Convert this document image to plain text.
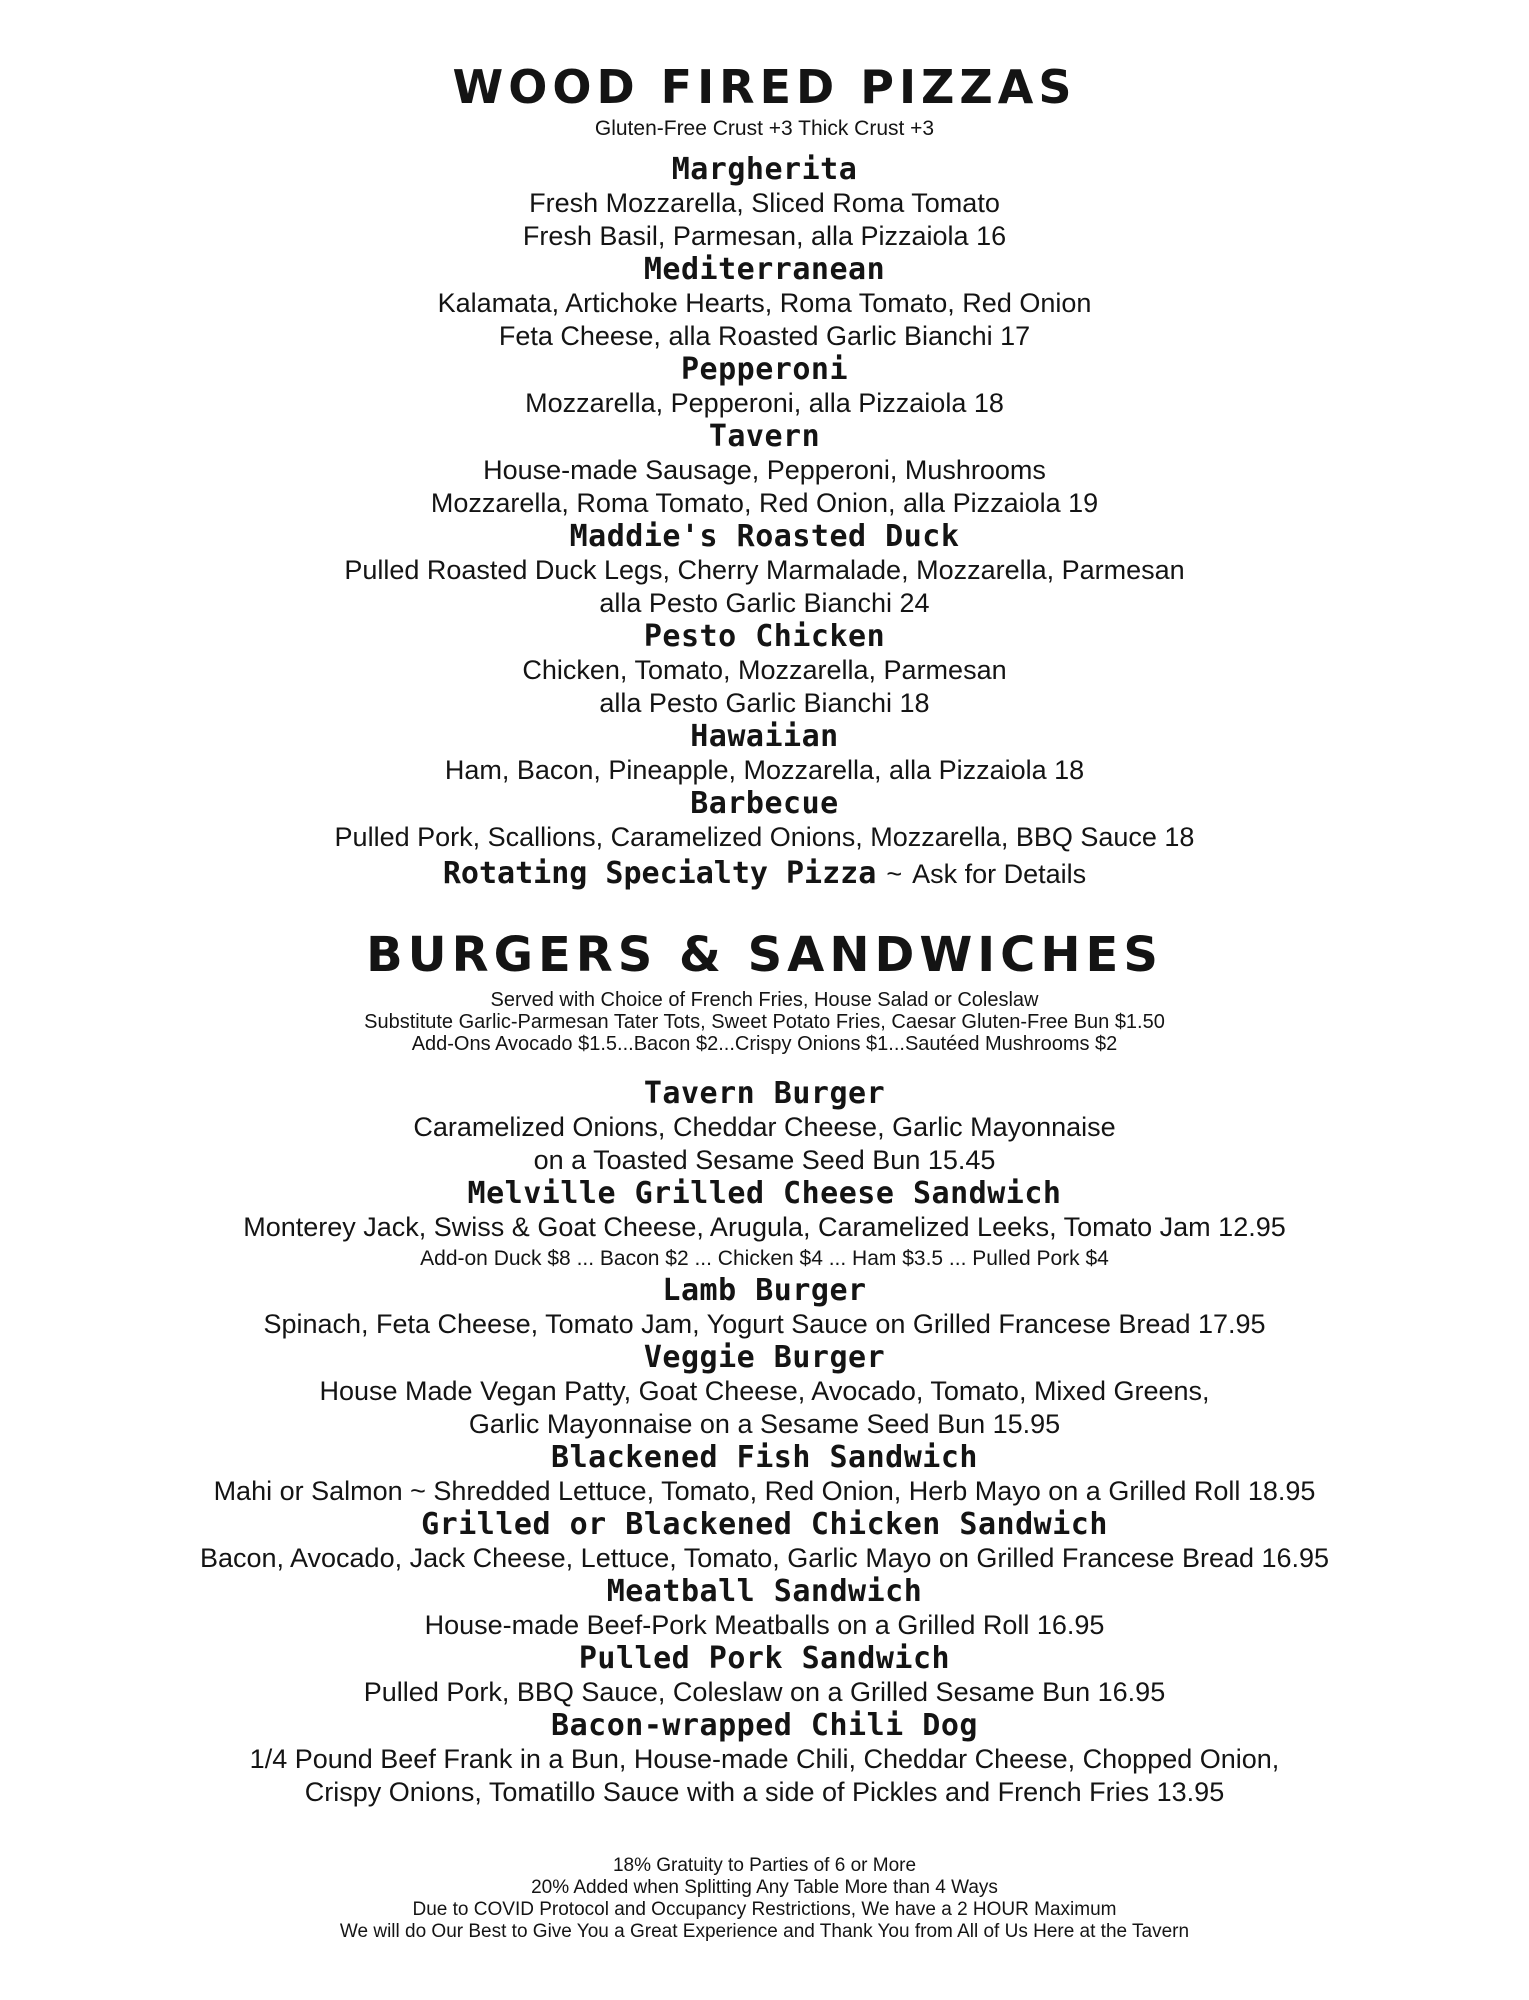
WOOD FIRED PIZZAS

Gluten-Free Crust +3 Thick Crust +3

Margherita

Fresh Mozzarella, Sliced Roma Tomato

Fresh Basil, Parmesan, alla Pizzaiola 16

Mediterranean

Kalamata, Artichoke Hearts, Roma Tomato, Red Onion

Feta Cheese, alla Roasted Garlic Bianchi 17

Pepperoni

Mozzarella, Pepperoni, alla Pizzaiola 18

Tavern

House-made Sausage, Pepperoni, Mushrooms

Mozzarella, Roma Tomato, Red Onion, alla Pizzaiola 19

Maddie's Roasted Duck

Pulled Roasted Duck Legs, Cherry Marmalade, Mozzarella, Parmesan

alla Pesto Garlic Bianchi 24

Pesto Chicken

Chicken, Tomato, Mozzarella, Parmesan

alla Pesto Garlic Bianchi 18

Hawaiian

Ham, Bacon, Pineapple, Mozzarella, alla Pizzaiola 18

Barbecue

Pulled Pork, Scallions, Caramelized Onions, Mozzarella, BBQ Sauce 18

Rotating Specialty Pizza ~ Ask for Details
BURGERS & SANDWICHES

Served with Choice of French Fries, House Salad or Coleslaw

Substitute Garlic-Parmesan Tater Tots, Sweet Potato Fries, Caesar Gluten-Free Bun $1.50

Add-Ons Avocado $1.5...Bacon $2...Crispy Onions $1...Sautéed Mushrooms $2

Tavern Burger

Caramelized Onions, Cheddar Cheese, Garlic Mayonnaise

on a Toasted Sesame Seed Bun 15.45

Melville Grilled Cheese Sandwich

Monterey Jack, Swiss & Goat Cheese, Arugula, Caramelized Leeks, Tomato Jam 12.95

Add-on Duck $8 ... Bacon $2 ... Chicken $4 ... Ham $3.5 ... Pulled Pork $4

Lamb Burger

Spinach, Feta Cheese, Tomato Jam, Yogurt Sauce on Grilled Francese Bread 17.95

Veggie Burger

House Made Vegan Patty, Goat Cheese, Avocado, Tomato, Mixed Greens,

Garlic Mayonnaise on a Sesame Seed Bun 15.95

Blackened Fish Sandwich

Mahi or Salmon ~ Shredded Lettuce, Tomato, Red Onion, Herb Mayo on a Grilled Roll 18.95

Grilled or Blackened Chicken Sandwich

Bacon, Avocado, Jack Cheese, Lettuce, Tomato, Garlic Mayo on Grilled Francese Bread 16.95

Meatball Sandwich

House-made Beef-Pork Meatballs on a Grilled Roll 16.95

Pulled Pork Sandwich

Pulled Pork, BBQ Sauce, Coleslaw on a Grilled Sesame Bun 16.95

Bacon-wrapped Chili Dog

1/4 Pound Beef Frank in a Bun, House-made Chili, Cheddar Cheese, Chopped Onion,

Crispy Onions, Tomatillo Sauce with a side of Pickles and French Fries 13.95

18% Gratuity to Parties of 6 or More

20% Added when Splitting Any Table More than 4 Ways

Due to COVID Protocol and Occupancy Restrictions, We have a 2 HOUR Maximum

We will do Our Best to Give You a Great Experience and Thank You from All of Us Here at the Tavern
